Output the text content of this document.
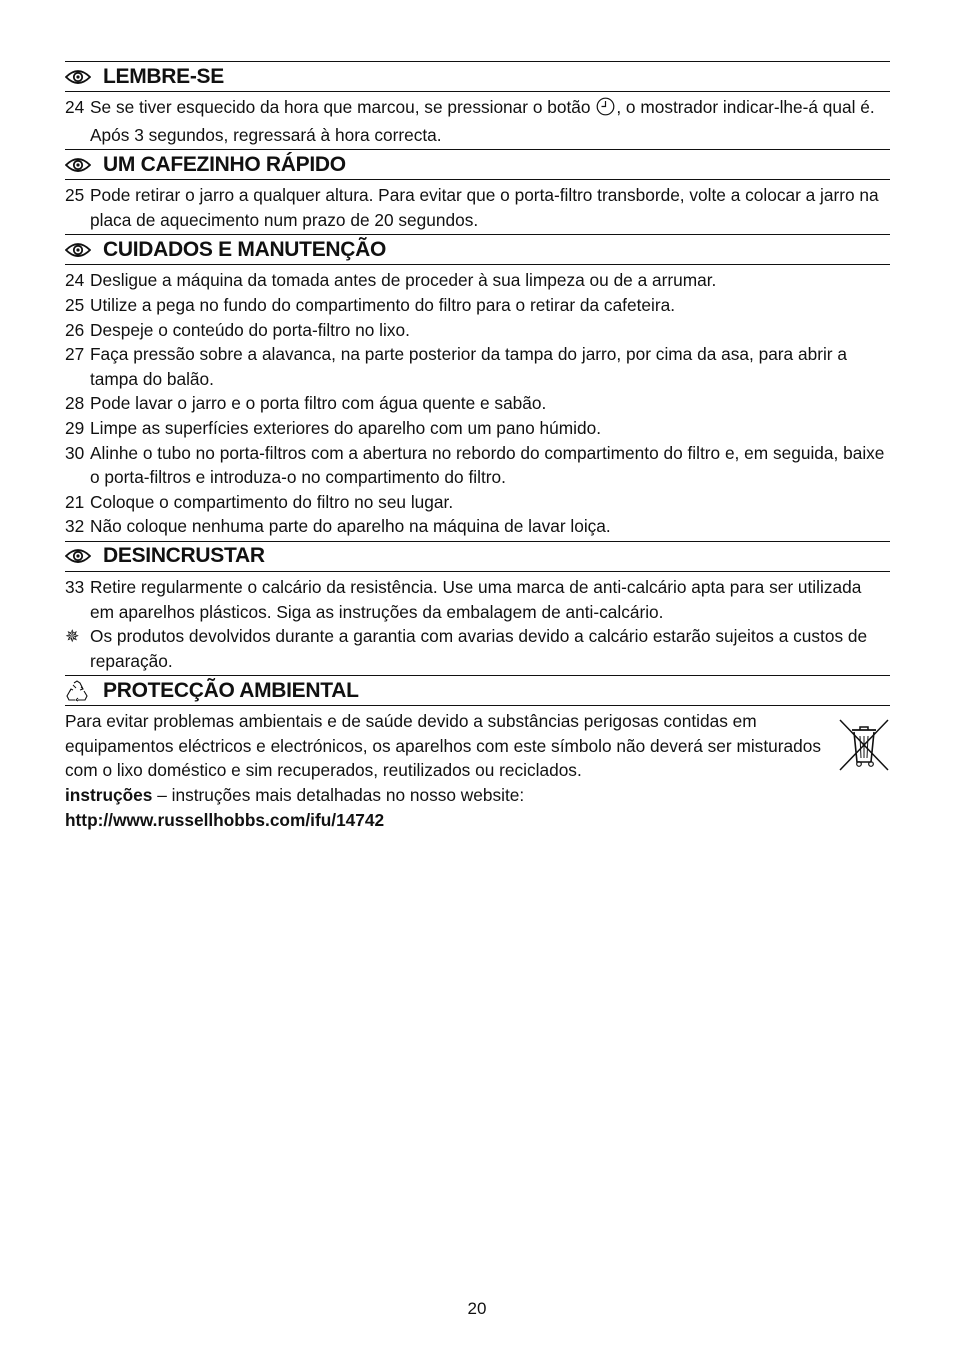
LEMBRE-SE
24 Se se tiver esquecido da hora que marcou, se pressionar o botão , o mostrador indicar-lhe-á qual é. Após 3 segundos, regressará à hora correcta.
UM CAFEZINHO RÁPIDO
25 Pode retirar o jarro a qualquer altura. Para evitar que o porta-filtro transborde, volte a colocar a jarro na placa de aquecimento num prazo de 20 segundos.
CUIDADOS E MANUTENÇÃO
24 Desligue a máquina da tomada antes de proceder à sua limpeza ou de a arrumar.
25 Utilize a pega no fundo do compartimento do filtro para o retirar da cafeteira.
26 Despeje o conteúdo do porta-filtro no lixo.
27 Faça pressão sobre a alavanca, na parte posterior da tampa do jarro, por cima da asa, para abrir a tampa do balão.
28 Pode lavar o jarro e o porta filtro com água quente e sabão.
29 Limpe as superfícies exteriores do aparelho com um pano húmido.
30 Alinhe o tubo no porta-filtros com a abertura no rebordo do compartimento do filtro e, em seguida, baixe o porta-filtros e introduza-o no compartimento do filtro.
21 Coloque o compartimento do filtro no seu lugar.
32 Não coloque nenhuma parte do aparelho na máquina de lavar loiça.
DESINCRUSTAR
33 Retire regularmente o calcário da resistência. Use uma marca de anti-calcário apta para ser utilizada em aparelhos plásticos. Siga as instruções da embalagem de anti-calcário.
✵ Os produtos devolvidos durante a garantia com avarias devido a calcário estarão sujeitos a custos de reparação.
PROTECÇÃO AMBIENTAL
Para evitar problemas ambientais e de saúde devido a substâncias perigosas contidas em equipamentos eléctricos e electrónicos, os aparelhos com este símbolo não deverá ser misturados com o lixo doméstico e sim recuperados, reutilizados ou reciclados.
instruções – instruções mais detalhadas no nosso website:
http://www.russellhobbs.com/ifu/14742
20
